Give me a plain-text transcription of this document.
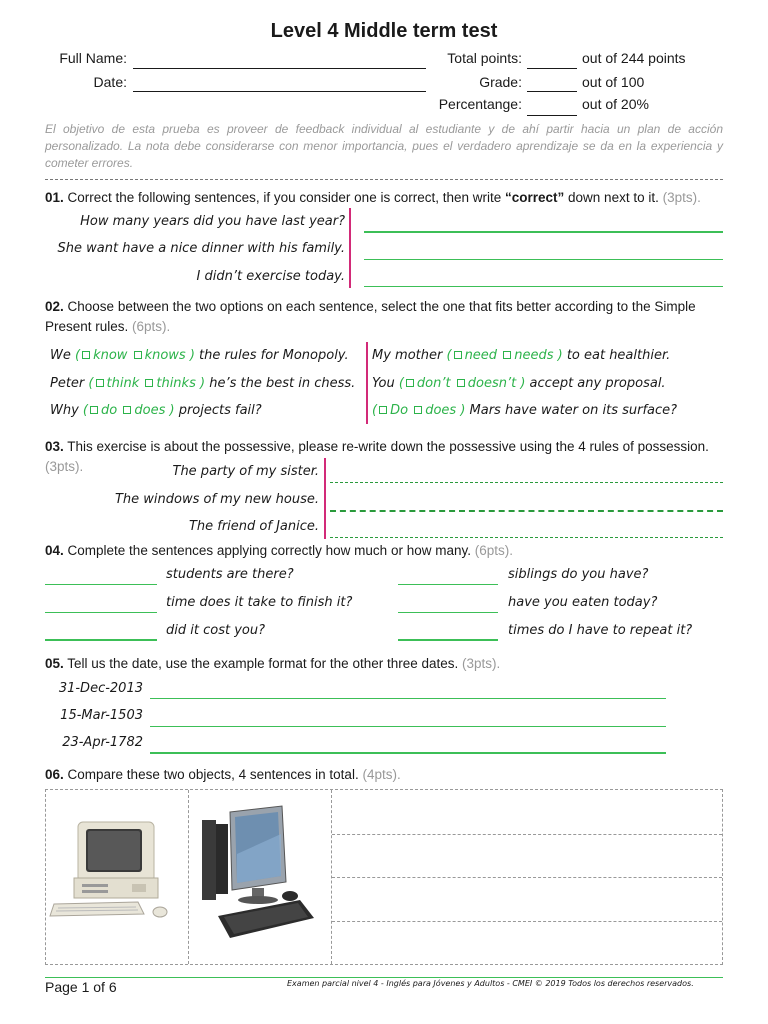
Level 4 Middle term test
Full Name:
Date:
Total points:	out of 244 points
Grade:	out of 100
Percentange:	out of 20%
El objetivo de esta prueba es proveer de feedback individual al estudiante y de ahí partir hacia un plan de acción personalizado. La nota debe considerarse con menor importancia, pues el verdadero aprendizaje se da en la experiencia y cometer errores.
01. Correct the following sentences, if you consider one is correct, then write “correct” down next to it. (3pts).
How many years did you have last year?
She want have a nice dinner with his family.
I didn’t exercise today.
02. Choose between the two options on each sentence, select the one that fits better according to the Simple Present rules. (6pts).
We ( know knows ) the rules for Monopoly.
Peter ( think thinks ) he’s the best in chess.
Why ( do does ) projects fail?
My mother ( need needs ) to eat healthier.
You ( don’t doesn’t ) accept any proposal.
( Do does ) Mars have water on its surface?
03. This exercise is about the possessive, please re-write down the possessive using the 4 rules of possession. (3pts).	The party of my sister.
The windows of my new house.
The friend of Janice.
04. Complete the sentences applying correctly how much or how many. (6pts).
students are there?
time does it take to finish it?
did it cost you?
siblings do you have?
have you eaten today?
times do I have to repeat it?
05. Tell us the date, use the example format for the other three dates. (3pts).
31-Dec-2013
15-Mar-1503
23-Apr-1782
06. Compare these two objects, 4 sentences in total. (4pts).
Page 1 of 6	Examen parcial nivel 4 - Inglés para Jóvenes y Adultos - CMEI © 2019 Todos los derechos reservados.
